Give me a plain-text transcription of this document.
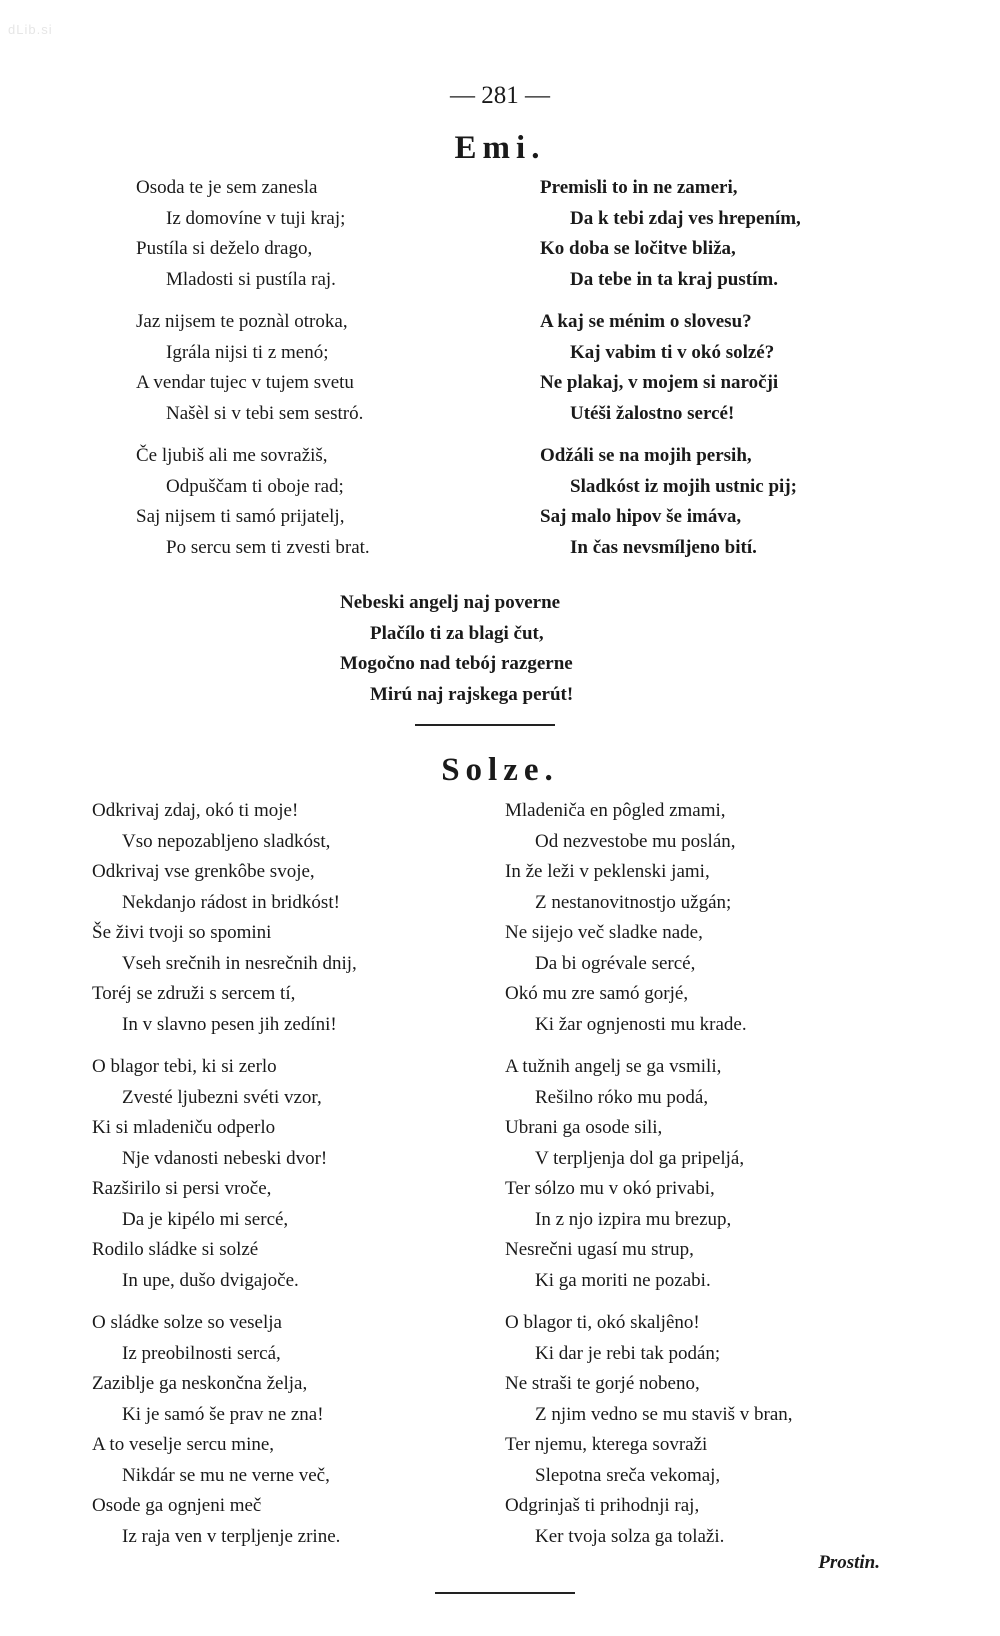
dLib.si
— 281 —
Emi.
Osoda te je sem zanesla
Iz domovíne v tuji kraj;
Pustíla si deželo drago,
Mladosti si pustíla raj.
Jaz nijsem te poznàl otroka,
Igrála nijsi ti z menó;
A vendar tujec v tujem svetu
Našèl si v tebi sem sestró.
Če ljubiš ali me sovražiš,
Odpuščam ti oboje rad;
Saj nijsem ti samó prijatelj,
Po sercu sem ti zvesti brat.
Premisli to in ne zameri,
Da k tebi zdaj ves hrepením,
Ko doba se ločitve bliža,
Da tebe in ta kraj pustím.
A kaj se ménim o slovesu?
Kaj vabim ti v okó solzé?
Ne plakaj, v mojem si naročji
Utéši žalostno sercé!
Odžáli se na mojih persih,
Sladkóst iz mojih ustnic pij;
Saj malo hipov še imáva,
In čas nevsmíljeno bití.
Nebeski angelj naj poverne
Plačílo ti za blagi čut,
Mogočno nad tebój razgerne
Mirú naj rajskega perút!
Solze.
Odkrivaj zdaj, okó ti moje!
Vso nepozabljeno sladkóst,
Odkrivaj vse grenkôbe svoje,
Nekdanjo rádost in bridkóst!
Še živi tvoji so spomini
Vseh srečnih in nesrečnih dnij,
Toréj se združi s sercem tí,
In v slavno pesen jih zedíni!
O blagor tebi, ki si zerlo
Zvesté ljubezni svéti vzor,
Ki si mladeniču odperlo
Nje vdanosti nebeski dvor!
Razširilo si persi vroče,
Da je kipélo mi sercé,
Rodilo sládke si solzé
In upe, dušo dvigajoče.
O sládke solze so veselja
Iz preobilnosti sercá,
Zaziblje ga neskončna želja,
Ki je samó še prav ne zna!
A to veselje sercu mine,
Nikdár se mu ne verne več,
Osode ga ognjeni meč
Iz raja ven v terpljenje zrine.
Mladeniča en pôgled zmami,
Od nezvestobe mu poslán,
In že leži v peklenski jami,
Z nestanovitnostjo užgán;
Ne sijejo več sladke nade,
Da bi ogrévale sercé,
Okó mu zre samó gorjé,
Ki žar ognjenosti mu krade.
A tužnih angelj se ga vsmili,
Rešilno róko mu podá,
Ubrani ga osode sili,
V terpljenja dol ga pripeljá,
Ter sólzo mu v okó privabi,
In z njo izpira mu brezup,
Nesrečni ugasí mu strup,
Ki ga moriti ne pozabi.
O blagor ti, okó skaljêno!
Ki dar je rebi tak podán;
Ne straši te gorjé nobeno,
Z njim vedno se mu staviš v bran,
Ter njemu, kterega sovraži
Slepotna sreča vekomaj,
Odgrinjaš ti prihodnji raj,
Ker tvoja solza ga tolaži.
Prostin.
